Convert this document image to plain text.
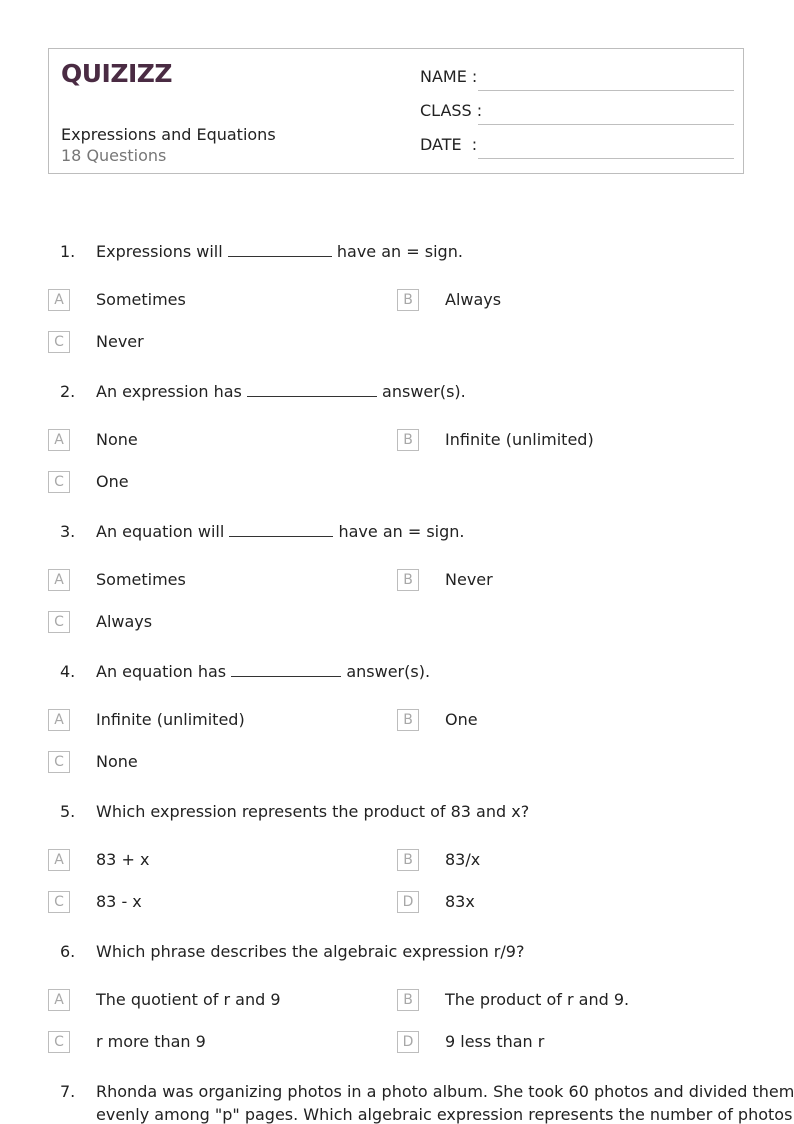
QUIZIZZ
Expressions and Equations
18 Questions
NAME :
CLASS :
DATE  :
1. Expressions will	have an = sign.
A	Sometimes	B	Always
C	Never
2. An expression has	answer(s).
A	None	B	Infinite (unlimited)
C	One
3. An equation will	have an = sign.
A	Sometimes	B	Never
C	Always
4. An equation has	answer(s).
A	Infinite (unlimited)	B	One
C	None
5. Which expression represents the product of 83 and x?
A	83 + x	B	83/x
C	83 - x	D	83x
6. Which phrase describes the algebraic expression r/9?
A	The quotient of r and 9	B	The product of r and 9.
C	r more than 9	D	9 less than r
7. Rhonda was organizing photos in a photo album. She took 60 photos and divided them
evenly among "p" pages. Which algebraic expression represents the number of photos
